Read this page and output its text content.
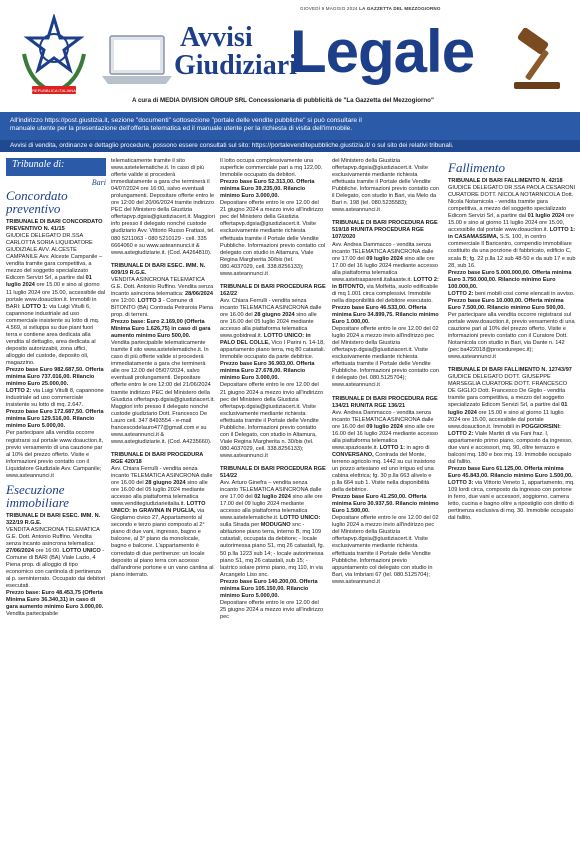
GIOVEDÌ 9 MAGGIO 2024 LA GAZZETTA DEL MEZZOGIORNO
REPUBBLICA ITALIANA
Avvisi
Giudiziari
Legale
A cura di MEDIA DIVISION GROUP SRL Concessionaria di pubblicità de "La Gazzetta del Mezzogiorno"
All'indirizzo https://post.giustizia.it, sezione "documenti" sottosezione "portale delle vendite pubbliche" si può consultare il
manuale utente per la presentazione dell'offerta telematica ed il manuale utente per la richiesta di visita dell'immobile.
Avvisi di vendita, ordinanze e dettaglio procedure, possono essere consultati sul sito: https://portalevenditepubbliche.giustizia.it/ o sul sito dei relativi tribunali.
Tribunale di:
Bari
Concordato preventivo
TRIBUNALE DI BARI CONCORDATO PREVENTIVO N. 41/15
GIUDICE DELEGATO DR.SSA CARLOTTA SORIA LIQUIDATORE GIUDIZIALE AVV. ALCESTE CAMPANILE Avv. Alceste Campanile – vendita tramite gara competitiva, a mezzo del soggetto specializzato Edicom Servizi Srl, a partire dal 01 luglio 2024 ore 15.00 e sino al giorno 11 luglio 2024 ore 15.00, accessibile dal portale www.doauction.it. Immobili in BARI: LOTTO 1: via Luigi Vitulli 6, capannone industriale ad uso commerciale insistente su lotto di mq. 4.569, si sviluppa su due piani fuori terra e contiene area dedicata alla vendita al dettaglio, area dedicata al deposito autorizzabii, zona uffici, alloggio del custode, deposito oli, magazzino.
Prezzo base Euro 982.687,50. Offerta minima Euro 737.016,00. Rilancio minimo Euro 25.000,00.
LOTTO 2: via Luigi Vitulli 8, capannone industriale ad uso commerciale insistente su lotto di mq. 2.647.
Prezzo base Euro 172.687,50. Offerta minima Euro 129.516,00. Rilancio minimo Euro 5.000,00.
Per partecipare alla vendita occorre registrarsi sul portale www.doauction.it, previo versamento di una cauzione par al 10% del prezzo offerto. Visite e informazioni previo contatto con il Liquidatore Giudiziale Avv. Campanile; www.asteannunci.it
Esecuzione immobiliare
TRIBUNALE DI BARI ESEC. IMM. N. 322/19 R.G.E.
VENDITA ASINCRONA TELEMATICA G.E. Dott. Antonio Ruffino. Vendita senza incanto asincrona telematica: 27/06/2024 ore 16:00. LOTTO UNICO - Comune di BARI (BA) Viale Lazio, 4 Piena prop. di alloggio di tipo economico con cantinola di pertinenza al p. seminterrato. Occupato dai debitori esecutati.
Prezzo base: Euro 48.453,75 (Offerta Minima Euro 36.340,31) in caso di gara aumento minimo Euro 3.000,00.
Vendita partecipabile
telematicamente tramite il sito www.astetelematiche.it. In caso di più offerte valide si procederà immediatamente a gara che terminerà il 04/07/2024 ore 16:00, salvo eventuali prolungamenti. Depositare offerte entro le ore 12:00 del 20/06/2024 tramite indirizzo PEC del Ministero della Giustizia offertapvp.dgsia@giustiziacert.it. Maggiori info presso il delegato nonché custode giudiziario Avv. Vittorio Russo Frattasi, tel. 080 5211063 - 080 5210129 - cell. 335 6664060 e su www.asteannunci.it & www.astegiudiziarie.it. (Cod. A4264810).
TRIBUNALE DI BARI ESEC. IMM. N. 609/19 R.G.E.
VENDITA ASINCRONA TELEMATICA G.E. Dott. Antonio Ruffino. Vendita senza incanto asincrona telematica: 28/06/2024 ore 12:00. LOTTO 3 - Comune di BITONTO (BA) Contrada Petraroia Piena prop. di terreni.
Prezzo base: Euro 2.169,00 (Offerta Minima Euro 1.626,75) in caso di gara aumento minimo Euro 500,00.
Vendita partecipabile telematicamente tramite il sito www.astetelematiche.it. In caso di più offerte valide si procederà immediatamente a gara che terminerà alle ore 12.00 del 05/07/2024, salvo eventuali prolungamenti. Depositare offerte entro le ore 12:00 del 21/06/2024 tramite indirizzo PEC del Ministero della Giustizia offertapvp.dgsia@giustiziacert.it. Maggiori info presso il delegato nonché custode giudiziario Dott. Francesco De Lauro cell. 347 8493554 - e-mail francescodelauro477@gmail.com e su www.asteannunci.it & www.astegiudiziarie.it. (Cod. A4235660).
TRIBUNALE DI BARI PROCEDURA RGE 420/18
Avv. Chiara Ferrulli - vendita senza incanto TELEMATICA ASINCRONA dalle ore 16.00 del 28 giugno 2024 sino alle ore 16.00 del 05 luglio 2024 mediante accesso alla piattaforma telematica www.venditegiudiziarieitalia.it. LOTTO UNICO: in GRAVINA IN PUGLIA, via Gioglamo civico 27, Appartamento al secondo e terzo piano composto al 2° piano di due vani, ingresso, bagno e balcone, al 3° piano da monolocale, bagno e balcone. L'appartamento è corredato di due pertinenze: un locale deposito al piano terra con accesso dall'androne portone e un vano cantina al piano interrato.
Il lotto occupa complessivamente una superficie commerciale pari a mq 122,00. Immobile occupato da debitori.
Prezzo base Euro 52.313,00. Offerta minima Euro 39.235,00. Rilancio minimo Euro 3.000,00.
Depositare offerte entro le ore 12.00 del 21 giugno 2024 a mezzo invio all'indirizzo pec del Ministero della Giustizia offertapvp.dgsia@giustiziacert.it. Visite esclusivamente mediante richiesta effettuata tramite il Portale delle Vendite Pubbliche. Informazioni previo contatto col delegato con studio in Altamura, Viale Regina Margherita 30/bis (tel. 080.4037029, cell. 338.8256133); www.asteannunci.it
TRIBUNALE DI BARI PROCEDURA RGE 162/22
Avv. Chiara Ferrulli - vendita senza incanto TELEMATICA ASINCRONA dalle ore 16.00 del 28 giugno 2024 sino alle ore 16.00 del 05 luglio 2024 mediante accesso alla piattaforma telematica www.gobidreal.it. LOTTO UNICO: in PALO DEL COLLE, Vico I Parini n. 14-18, appartamento piano terra, mq 80 catastali. Immobile occupato da parte debitrice.
Prezzo base Euro 36.903,00. Offerta minima Euro 27.678,00. Rilancio minimo Euro 3.000,00.
Depositare offerte entro le ore 12.00 del 21 giugno 2024 a mezzo invio all'indirizzo pec del Ministero della Giustizia offertapvp.dgsia@giustiziacert.it. Visite esclusivamente mediante richiesta effettuata tramite il Portale delle Vendite Pubbliche. Informazioni previo contatto con il Delegato, con studio in Altamura, Viale Regina Margherita n. 30/bis (tel. 080.4037029, cell. 338.8256133); www.asteannunci.it
TRIBUNALE DI BARI PROCEDURA RGE 514/22
Avv. Arturo Ginefra – vendita senza incanto TELEMATICA ASINCRONA dalle ore 17.00 del 02 luglio 2024 sino alle ore 17.00 del 09 luglio 2024 mediante accesso alla piattaforma telematica www.astetelematiche.it. LOTTO UNICO: sulla Strada per MODUGNO snc - abitazione piano terra, interno B, mq 109 catastali, occupata da debitore; - locale autorimessa piano S1, mq 26 catastali, fg. 50 p.lla 1223 sub 14; - locale autorimessa piano S1, mq 26 catastali, sub 15; - lastrico solare primo piano, mq 110, in via Arcangelo Liso snc.
Prezzo base Euro 140.200,00. Offerta minima Euro 105.150,00. Rilancio minimo Euro 5.000,00.
Depositare offerte entro le ore 12.00 del 25 giugno 2024 a mezzo invio all'indirizzo pec
del Ministero della Giustizia offertapvp.dgsia@giustiziacert.it. Visite esclusivamente mediante richiesta effettuata tramite il Portale delle Vendite Pubbliche. Informazioni previo contatto con il Delegato, con studio in Bari, via Melo da Bari n. 198 (tel. 080.5235583); www.asteannunci.it
TRIBUNALE DI BARI PROCEDURA RGE 519/18 RIUNITA PROCEDURA RGE 107/2020
Avv. Andrea Dammacco - vendita senza incanto TELEMATICA ASINCRONA dalle ore 17.00 del 09 luglio 2024 sino alle ore 17.00 del 16 luglio 2024 mediante accesso alla piattaforma telematica www.astetrasparenti.italiaaste.it. LOTTO 2: in BITONTO, via Molfetta, suolo edificabile di mq 1.001 circa complessivi. Immobile nella disponibilità del debitore esecutato.
Prezzo base Euro 46.533,00. Offerta minima Euro 34.899,75. Rilancio minimo Euro 1.000,00.
Depositare offerte entro le ore 12.00 del 02 luglio 2024 a mezzo invio all'indirizzo pec del Ministero della Giustizia offertapvp.dgsia@giustiziacert.it. Visite esclusivamente mediante richiesta effettuata tramite il Portale delle Vendite Pubbliche. Informazioni previo contatto con il delegato (tel. 080.5125704); www.asteannunci.it
TRIBUNALE DI BARI PROCEDURA RGE 134/21 RIUNITA RGE 136/21
Avv. Andrea Dammacco - vendita senza incanto TELEMATICA ASINCRONA dalle ore 16.00 del 09 luglio 2024 sino alle ore 16.00 del 16 luglio 2024 mediante accesso alla piattaforma telematica www.spazioaste.it. LOTTO 1: in agro di CONVERSANO, Contrada del Monte, terreno agricolo mq. 1442 su cui insistono un pozzo artesiano ed uno irriguo ed una cabina elettrica; fg. 30 p.lla 663 alivelo e p.lla 664 sub 1. Visite nella disponibilità della debitrice.
Prezzo base Euro 41.250,00. Offerta minima Euro 30.937,50. Rilancio minimo Euro 1.500,00.
Depositare offerte entro le ore 12.00 del 02 luglio 2024 a mezzo invio all'indirizzo pec del Ministero della Giustizia offertapvp.dgsia@giustiziacert.it. Visite esclusivamente mediante richiesta effettuata tramite il Portale delle Vendite Pubbliche. Informazioni previo appuntamento col delegato con studio in Bari, via Imbriani 67 (tel. 080.5125704); www.asteannunci.it
Fallimento
TRIBUNALE DI BARI FALLIMENTO N. 42/18
GIUDICE DELEGATO DR.SSA PAOLA CESARONI CURATORE DOTT. NICOLA NOTARNICOLA Dott. Nicola Notarnicola - vendita tramite gara competitiva, a mezzo del soggetto specializzato Edicom Servizi Srl, a partire dal 01 luglio 2024 ore 15.00 e sino al giorno 11 luglio 2024 ore 15.00, accessibile dal portale www.doauction.it. LOTTO 1: in CASAMASSIMA, S.S. 100, in centro commerciale Il Baricentro, compendio immobiliare costituito da una porzione di fabbricato, edificio C, scala B; fg. 22 p.lla 12 sub 48-50 e da sub 17 e sub 28, sub 16.
Prezzo base Euro 5.000.000,00. Offerta minima Euro 3.750.000,00. Rilancio minimo Euro 100.000,00.
LOTTO 2: beni mobili così come elencati in avviso.
Prezzo base Euro 10.000,00. Offerta minima Euro 7.500,00. Rilancio minimo Euro 500,00.
Per partecipare alla vendita occorre registrarsi sul portale www.doauction.it, previo versamento di una cauzione pari al 10% del prezzo offerto. Visite e informazioni previo contatto con il Curatore Dott. Notarnicola con studio in Bari, via Dante n. 142 (pec ba422018@procedurepec.it); www.asteannunci.it
TRIBUNALE DI BARI FALLIMENTO N. 12743/97
GIUDICE DELEGATO DOTT. GIUSEPPE MARSEGLIA CURATORE DOTT. FRANCESCO DE GIGLIO Dott. Francesco De Giglio - vendita tramite gara competitiva, a mezzo del soggetto specializzato Edicom Servizi Srl, a partire dal 01 luglio 2024 ore 15.00 e sino al giorno 11 luglio 2024 ore 15.00, accessibile dal portale www.doauction.it. Immobili in POGGIORSINI: LOTTO 2: Viale Martiri di via Fani fraz. I, appartamento primo piano, composto da ingresso, due vani e accessori, mq. 90, oltre terrazzo e balconi mq. 180 e box mq. 19. Immobile occupato dal fallito.
Prezzo base Euro 61.125,00. Offerta minima Euro 45.843,00. Rilancio minimo Euro 1.500,00.
LOTTO 3: via Vittorio Veneto 1, appartamento, mq. 109 lordi circa, composto da ingresso con portone in ferro, due vani e accessori, soggiorno, camera letto, cucina e bagno oltre a ripostiglio con diritto di pertinenza esclusiva di mq. 30. Immobile occupato dal fallito.
